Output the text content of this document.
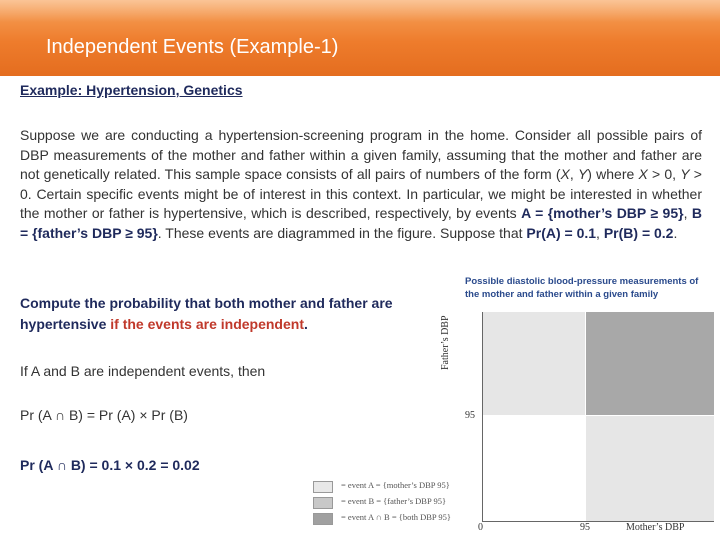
Independent Events (Example-1)
Example: Hypertension, Genetics
Suppose we are conducting a hypertension-screening program in the home. Consider all possible pairs of DBP measurements of the mother and father within a given family, assuming that the mother and father are not genetically related. This sample space consists of all pairs of numbers of the form (X, Y) where X > 0, Y > 0. Certain specific events might be of interest in this context. In particular, we might be interested in whether the mother or father is hypertensive, which is described, respectively, by events A = {mother’s DBP ≥ 95}, B = {father’s DBP ≥ 95}. These events are diagrammed in the figure. Suppose that Pr(A) = 0.1, Pr(B) = 0.2.
Compute the probability that both mother and father are hypertensive if the events are independent.
If A and B are independent events, then
Pr (A ∩ B) = Pr (A) × Pr (B)
Pr (A ∩ B) = 0.1 × 0.2 = 0.02
Possible diastolic blood-pressure measurements of the mother and father within a given family
Father’s DBP
95
0	95	Mother’s DBP
= event A = {mother’s DBP 95}
= event B = {father’s DBP 95}
= event A ∩ B = {both DBP 95}
